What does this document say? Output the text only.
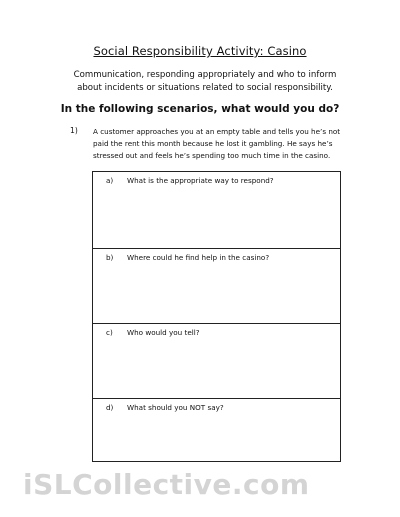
Social Responsibility Activity: Casino
Communication, responding appropriately and who to inform about incidents or situations related to social responsibility.
In the following scenarios, what would you do?
1) A customer approaches you at an empty table and tells you he’s not paid the rent this month because he lost it gambling. He says he’s stressed out and feels he’s spending too much time in the casino.
a) What is the appropriate way to respond?
b) Where could he find help in the casino?
c) Who would you tell?
d) What should you NOT say?
iSLCollective.com
